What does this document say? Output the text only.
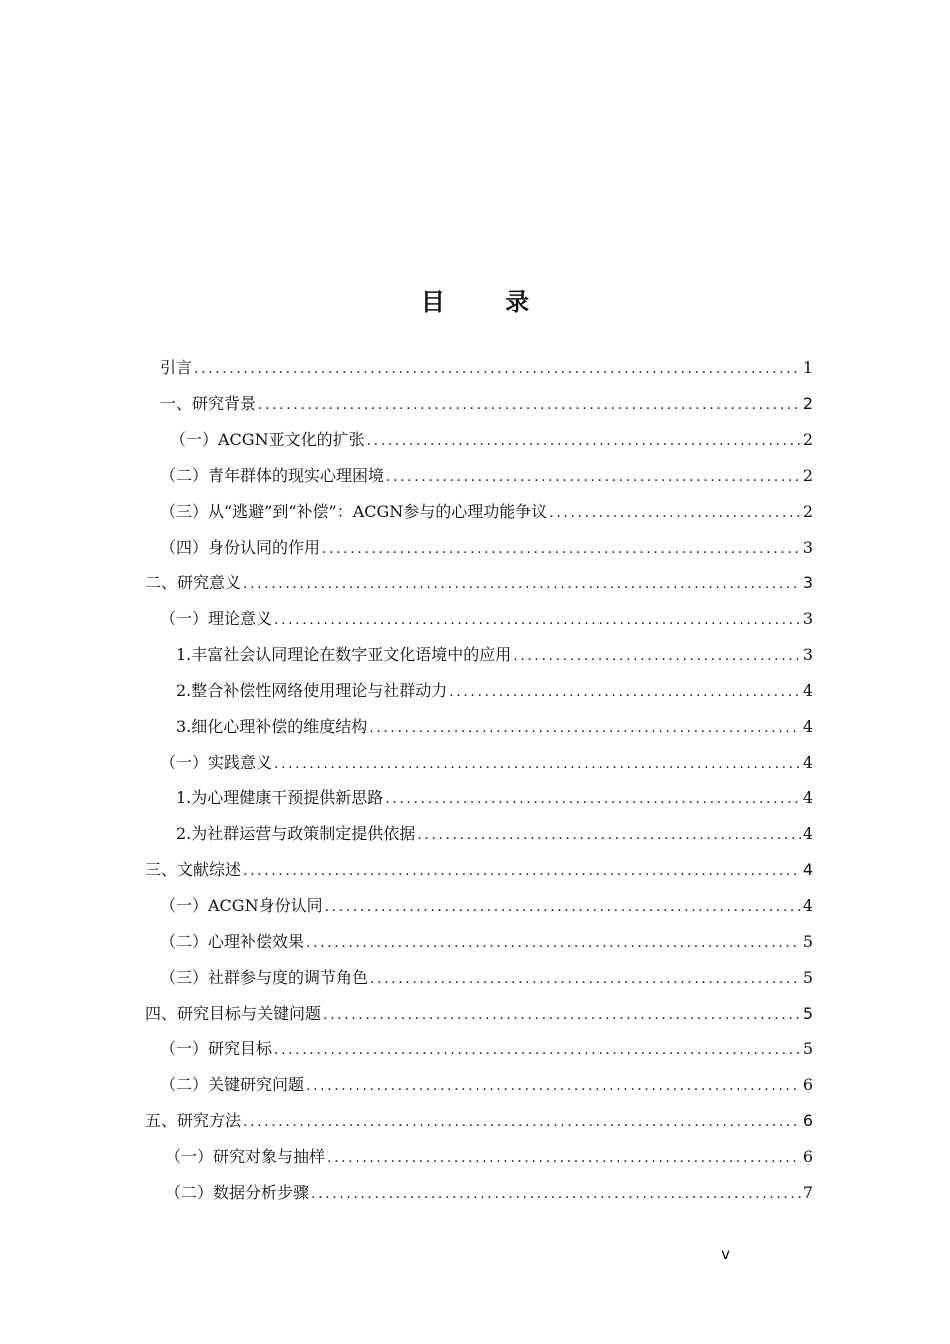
目 录
引言 .....	1
一、研究背景 .....	2
（一）ACGN亚文化的扩张 .....	2
（二）青年群体的现实心理困境 .....	2
（三）从“逃避”到“补偿”：ACGN参与的心理功能争议 .....	2
（四）身份认同的作用 .....	3
二、研究意义 .....	3
（一）理论意义 .....	3
1.丰富社会认同理论在数字亚文化语境中的应用 .....	3
2.整合补偿性网络使用理论与社群动力 .....	4
3.细化心理补偿的维度结构 .....	4
（一）实践意义 .....	4
1.为心理健康干预提供新思路 .....	4
2.为社群运营与政策制定提供依据 .....	4
三、文献综述 .....	4
（一）ACGN身份认同 .....	4
（二）心理补偿效果 .....	5
（三）社群参与度的调节角色 .....	5
四、研究目标与关键问题 .....	5
（一）研究目标 .....	5
（二）关键研究问题 .....	6
五、研究方法 .....	6
（一）研究对象与抽样 .....	6
（二）数据分析步骤 .....	7
v
